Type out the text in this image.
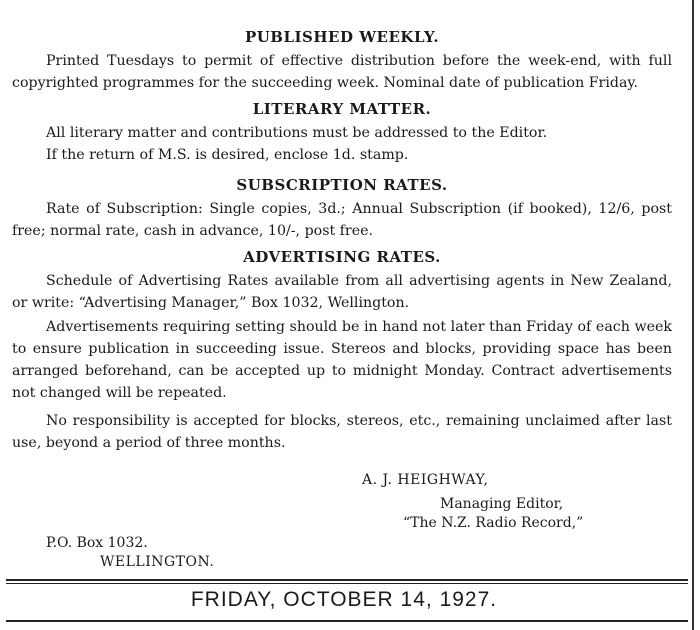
PUBLISHED WEEKLY.

Printed Tuesdays to permit of effective distribution before the week-end, with full copyrighted programmes for the succeeding week. Nominal date of publication Friday.

LITERARY MATTER.

All literary matter and contributions must be addressed to the Editor.

If the return of M.S. is desired, enclose 1d. stamp.

SUBSCRIPTION RATES.

Rate of Subscription: Single copies, 3d.; Annual Subscription (if booked), 12/6, post free; normal rate, cash in advance, 10/-, post free.

ADVERTISING RATES.

Schedule of Advertising Rates available from all advertising agents in New Zealand, or write: “Advertising Manager,” Box 1032, Wellington.

Advertisements requiring setting should be in hand not later than Friday of each week to ensure publication in succeeding issue. Stereos and blocks, providing space has been arranged beforehand, can be accepted up to midnight Monday. Contract advertisements not changed will be repeated.

No responsibility is accepted for blocks, stereos, etc., remaining unclaimed after last use, beyond a period of three months.

A. J. HEIGHWAY,
Managing Editor,
“The N.Z. Radio Record,”
P.O. Box 1032.
WELLINGTON.
FRIDAY, OCTOBER 14, 1927.
